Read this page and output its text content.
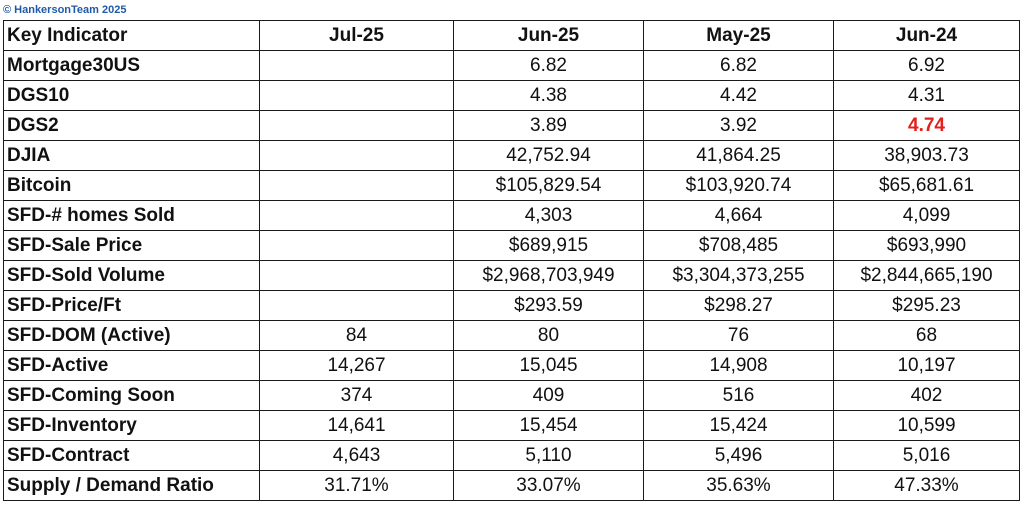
© HankersonTeam 2025
Key Indicator	Jul-25	Jun-25	May-25	Jun-24
Mortgage30US		6.82	6.82	6.92
DGS10		4.38	4.42	4.31
DGS2		3.89	3.92	4.74
DJIA		42,752.94	41,864.25	38,903.73
Bitcoin		$105,829.54	$103,920.74	$65,681.61
SFD-# homes Sold		4,303	4,664	4,099
SFD-Sale Price		$689,915	$708,485	$693,990
SFD-Sold Volume		$2,968,703,949	$3,304,373,255	$2,844,665,190
SFD-Price/Ft		$293.59	$298.27	$295.23
SFD-DOM (Active)	84	80	76	68
SFD-Active	14,267	15,045	14,908	10,197
SFD-Coming Soon	374	409	516	402
SFD-Inventory	14,641	15,454	15,424	10,599
SFD-Contract	4,643	5,110	5,496	5,016
Supply / Demand Ratio	31.71%	33.07%	35.63%	47.33%
